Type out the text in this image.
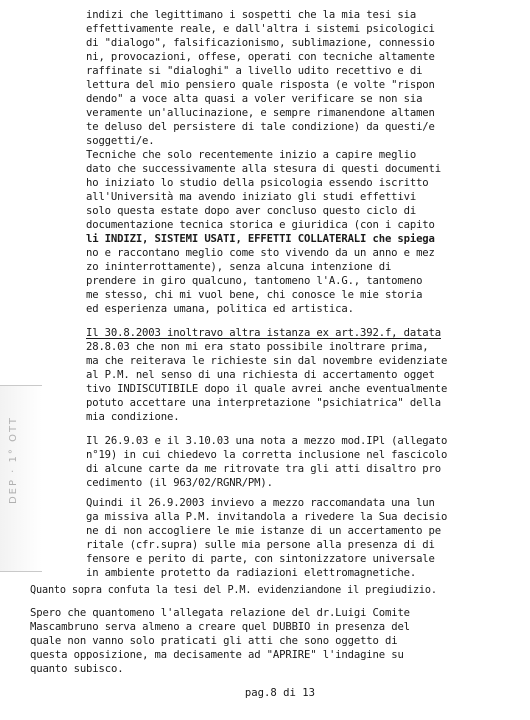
DEP · 1° OTT
indizi che legittimano i sospetti che la mia tesi sia
effettivamente reale, e dall'altra i sistemi psicologici
di "dialogo", falsificazionismo, sublimazione, connessio
ni, provocazioni, offese, operati con tecniche altamente
raffinate si "dialoghi" a livello udito recettivo e di
lettura del mio pensiero quale risposta (e volte "rispon
dendo" a voce alta quasi a voler verificare se non sia
veramente un'allucinazione, e sempre rimanendone altamen
te deluso del persistere di tale condizione) da questi/e
soggetti/e.
Tecniche che solo recentemente inizio a capire meglio
dato che successivamente alla stesura di questi documenti
ho iniziato lo studio della psicologia essendo iscritto
all'Università ma avendo iniziato gli studi effettivi
solo questa estate dopo aver concluso questo ciclo di
documentazione tecnica storica e giuridica (con i capito
li INDIZI, SISTEMI USATI, EFFETTI COLLATERALI che spiega
no e raccontano meglio come sto vivendo da un anno e mez
zo ininterrottamente), senza alcuna intenzione di
prendere in giro qualcuno, tantomeno l'A.G., tantomeno
me stesso, chi mi vuol bene, chi conosce le mie storia
ed esperienza umana, politica ed artistica.
Il 30.8.2003 inoltravo altra istanza ex art.392.f, datata
28.8.03 che non mi era stato possibile inoltrare prima,
ma che reiterava le richieste sin dal novembre evidenziate
al P.M. nel senso di una richiesta di accertamento ogget
tivo INDISCUTIBILE dopo il quale avrei anche eventualmente
potuto accettare una interpretazione "psichiatrica" della
mia condizione.
Il 26.9.03 e il 3.10.03 una nota a mezzo mod.IPl (allegato
n°19) in cui chiedevo la corretta inclusione nel fascicolo
di alcune carte da me ritrovate tra gli atti disaltro pro
cedimento (il 963/02/RGNR/PM).
Quindi il 26.9.2003 invievo a mezzo raccomandata una lun
ga missiva alla P.M. invitandola a rivedere la Sua decisio
ne di non accogliere le mie istanze di un accertamento pe
ritale (cfr.supra) sulle mia persone alla presenza di di
fensore e perito di parte, con sintonizzatore universale
in ambiente protetto da radiazioni elettromagnetiche.
Quanto sopra confuta la tesi del P.M. evidenziandone il pregiudizio.
Spero che quantomeno l'allegata relazione del dr.Luigi Comite
Mascambruno serva almeno a creare quel DUBBIO in presenza del
quale non vanno solo praticati gli atti che sono oggetto di
questa opposizione, ma decisamente ad "APRIRE" l'indagine su
quanto subisco.
pag.8 di 13
